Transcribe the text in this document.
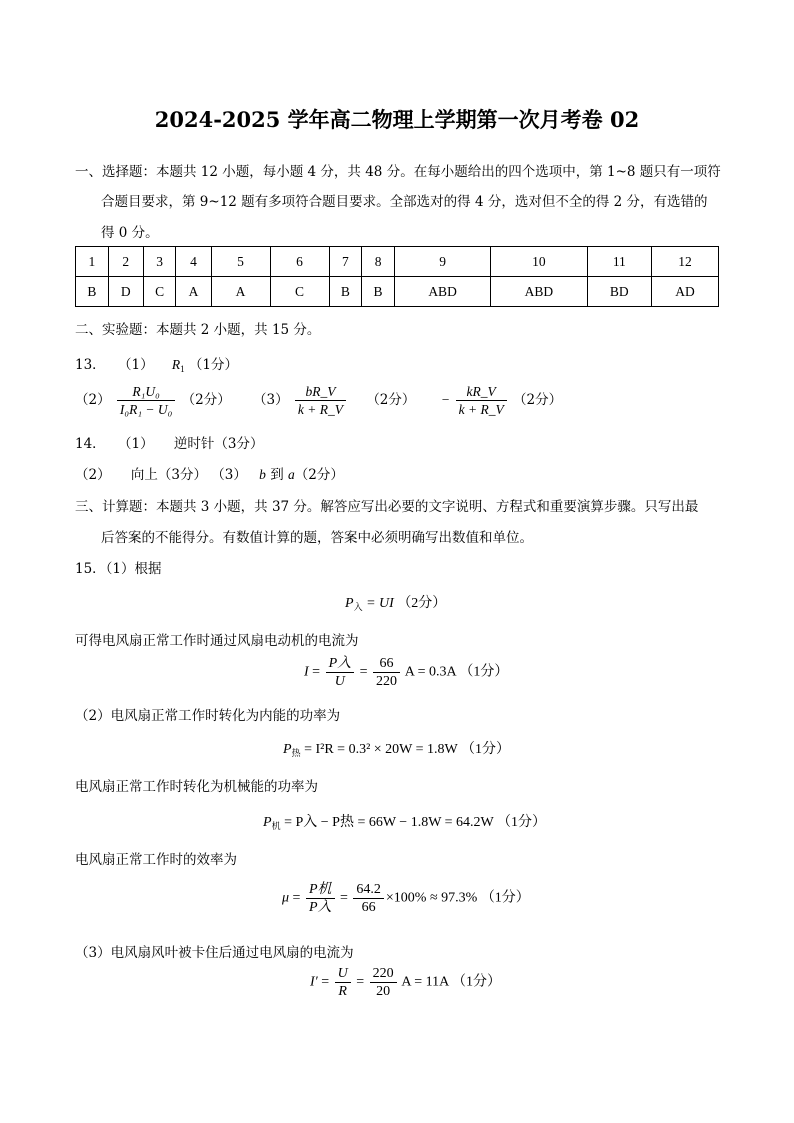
2024-2025 学年高二物理上学期第一次月考卷 02
一、选择题：本题共 12 小题，每小题 4 分，共 48 分。在每小题给出的四个选项中，第 1~8 题只有一项符
合题目要求，第 9~12 题有多项符合题目要求。全部选对的得 4 分，选对但不全的得 2 分，有选错的
得 0 分。
1	2	3	4	5	6	7	8	9	10	11	12
B	D	C	A	A	C	B	B	ABD	ABD	BD	AD
二、实验题：本题共 2 小题，共 15 分。
13． （1） $R_1$ （1分）
$(2) \frac{\text{R₁U₀}}{\text{I₀R₁ − U₀}} (2$分） $(3) \frac{bR\_V}{k + R\_V} (2$分） − $\frac{kR\_V}{k + R\_V} (2$分）
14． （1） 逆时针（3分）
（2） 向上（3分） （3） b 到 a（2分）
三、计算题：本题共 3 小题，共 37 分。解答应写出必要的文字说明、方程式和重要演算步骤。只写出最
后答案的不能得分。有数值计算的题，答案中必须明确写出数值和单位。
15．（1）根据
$P_入$ = UI （2分）
可得电风扇正常工作时通过风扇电动机的电流为
$I = \frac{\text{P入}}{U} = \frac{66}{220}$ A = 0.3A （1分）
（2）电风扇正常工作时转化为内能的功率为
$P_热 = I^2R = 0.3^2 \times 20W = 1.8W$ （1分）
电风扇正常工作时转化为机械能的功率为
$P_机 = P$入 − P热 = 66W − 1.8W = 64.2W （1分）
电风扇正常工作时的效率为
$\mu = \frac{\text{P机}}{\text{P入}} = \frac{64.2}{66} \times 100\% \approx 97.3\%$ （1分）
（3）电风扇风叶被卡住后通过电风扇的电流为
$I' = \frac{U}{R} = \frac{220}{20}$ A = 11A （1分）
